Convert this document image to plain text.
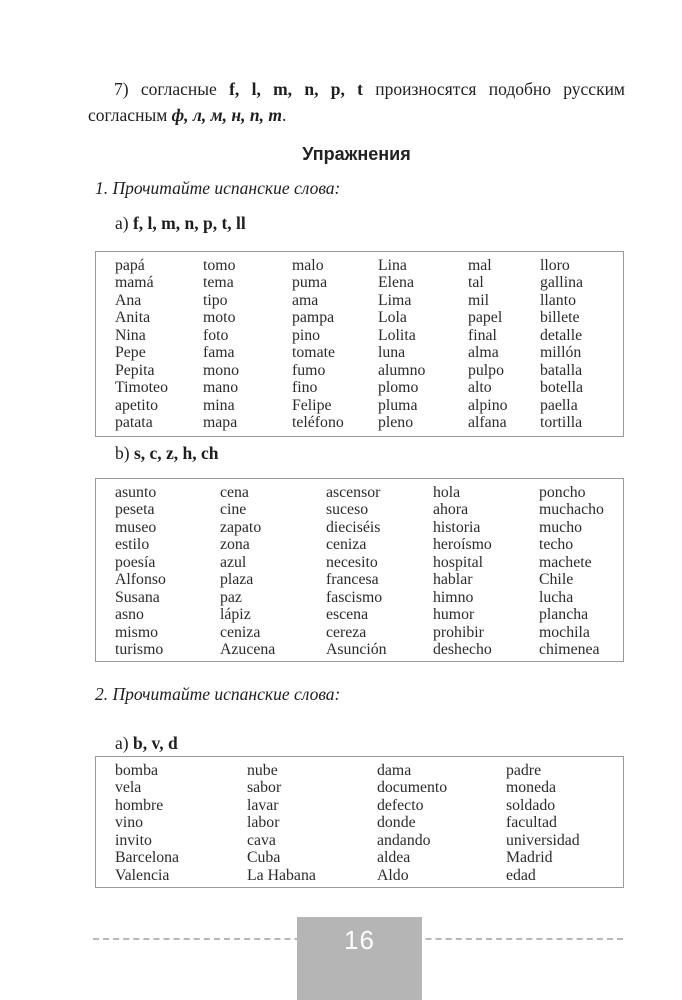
7) согласные f, l, m, n, p, t произносятся подобно русским
согласным ф, л, м, н, п, т.
Упражнения
1. Прочитайте испанские слова:
a) f, l, m, n, p, t, ll
papá	tomo	malo	Lina	mal	lloro
mamá	tema	puma	Elena	tal	gallina
Ana	tipo	ama	Lima	mil	llanto
Anita	moto	pampa	Lola	papel	billete
Nina	foto	pino	Lolita	final	detalle
Pepe	fama	tomate	luna	alma	millón
Pepita	mono	fumo	alumno	pulpo	batalla
Timoteo	mano	fino	plomo	alto	botella
apetito	mina	Felipe	pluma	alpino	paella
patata	mapa	teléfono	pleno	alfana	tortilla
b) s, c, z, h, ch
asunto	cena	ascensor	hola	poncho
peseta	cine	suceso	ahora	muchacho
museo	zapato	dieciséis	historia	mucho
estilo	zona	ceniza	heroísmo	techo
poesía	azul	necesito	hospital	machete
Alfonso	plaza	francesa	hablar	Chile
Susana	paz	fascismo	himno	lucha
asno	lápiz	escena	humor	plancha
mismo	ceniza	cereza	prohibir	mochila
turismo	Azucena	Asunción	deshecho	chimenea
2. Прочитайте испанские слова:
a) b, v, d
bomba	nube	dama	padre
vela	sabor	documento	moneda
hombre	lavar	defecto	soldado
vino	labor	donde	facultad
invito	cava	andando	universidad
Barcelona	Cuba	aldea	Madrid
Valencia	La Habana	Aldo	edad
16
